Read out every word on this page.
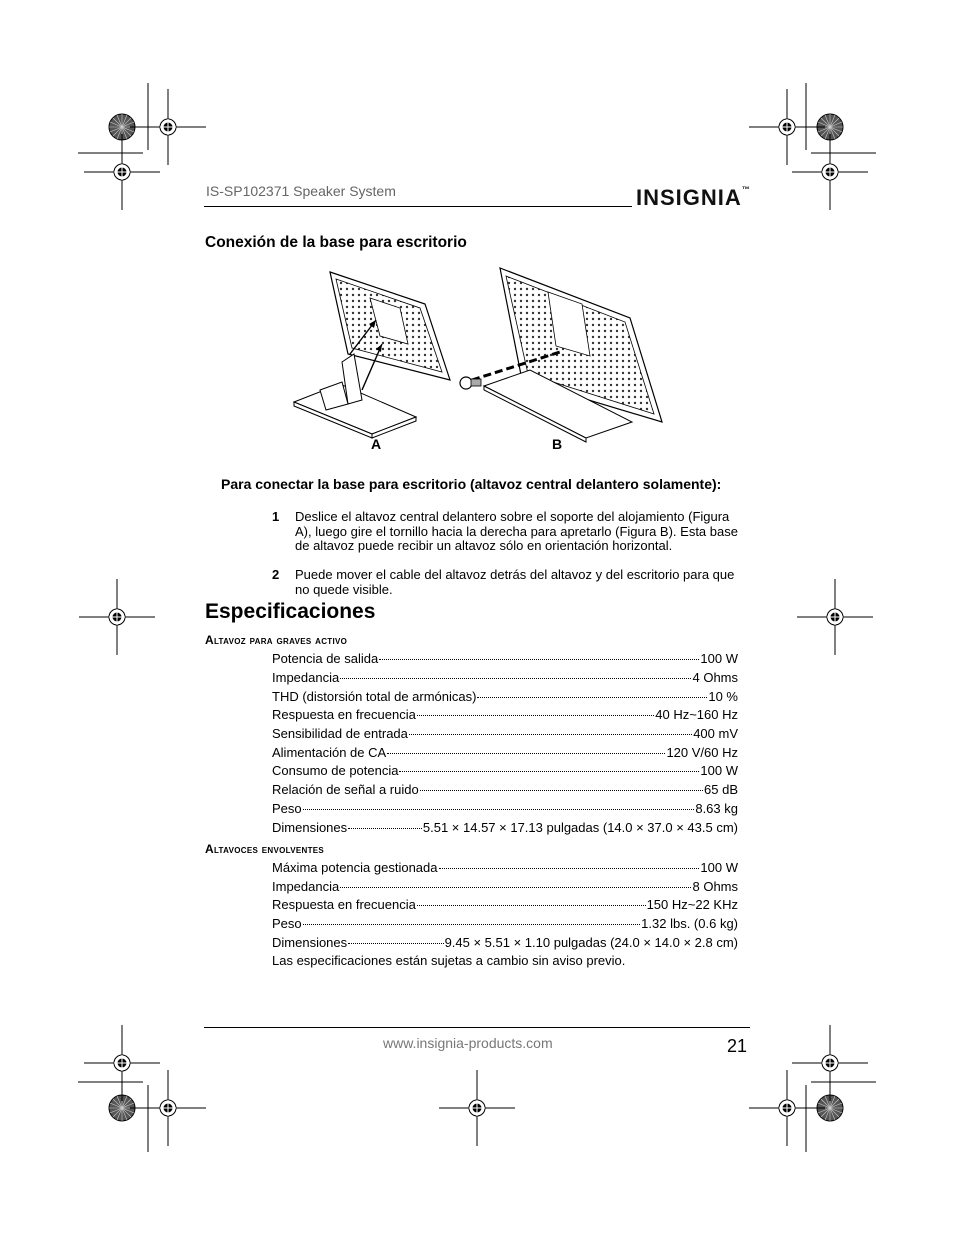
IS-SP102371 Speaker System	INSIGNIA™
Conexión de la base para escritorio
A	B
Para conectar la base para escritorio (altavoz central delantero solamente):
1 Deslice el altavoz central delantero sobre el soporte del alojamiento (Figura A), luego gire el tornillo hacia la derecha para apretarlo (Figura B). Esta base de altavoz puede recibir un altavoz sólo en orientación horizontal.
2 Puede mover el cable del altavoz detrás del altavoz y del escritorio para que no quede visible.
Especificaciones
Altavoz para graves activo
Potencia de salida	100 W
Impedancia	4 Ohms
THD (distorsión total de armónicas)	10 %
Respuesta en frecuencia	40 Hz~160 Hz
Sensibilidad de entrada	400 mV
Alimentación de CA	120 V/60 Hz
Consumo de potencia	100 W
Relación de señal a ruido	65 dB
Peso	8.63 kg
Dimensiones	5.51 × 14.57 × 17.13 pulgadas (14.0 × 37.0 × 43.5 cm)
Altavoces envolventes
Máxima potencia gestionada	100 W
Impedancia	8 Ohms
Respuesta en frecuencia	150 Hz~22 KHz
Peso	1.32 lbs. (0.6 kg)
Dimensiones	9.45 × 5.51 × 1.10 pulgadas (24.0 × 14.0 × 2.8 cm)
Las especificaciones están sujetas a cambio sin aviso previo.
www.insignia-products.com	21
